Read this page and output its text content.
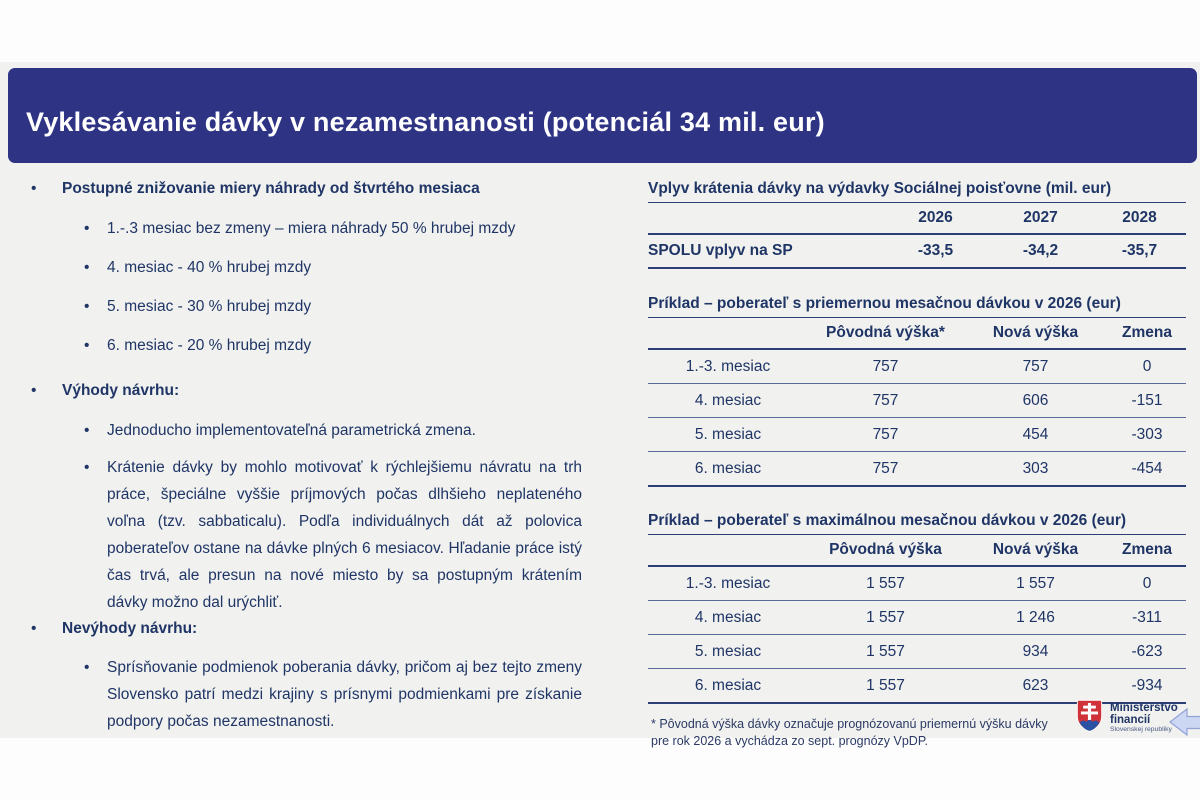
Vyklesávanie dávky v nezamestnanosti (potenciál 34 mil. eur)
• Postupné znižovanie miery náhrady od štvrtého mesiaca
• 1.-.3 mesiac bez zmeny – miera náhrady 50 % hrubej mzdy
• 4. mesiac - 40 % hrubej mzdy
• 5. mesiac - 30 % hrubej mzdy
• 6. mesiac - 20 % hrubej mzdy
• Výhody návrhu:
• Jednoducho implementovateľná parametrická zmena.
• Krátenie dávky by mohlo motivovať k rýchlejšiemu návratu na trh práce, špeciálne vyššie príjmových počas dlhšieho neplateného voľna (tzv. sabbaticalu). Podľa individuálnych dát až polovica poberateľov ostane na dávke plných 6 mesiacov. Hľadanie práce istý čas trvá, ale presun na nové miesto by sa postupným krátením dávky možno dal urýchliť.
• Nevýhody návrhu:
• Sprísňovanie podmienok poberania dávky, pričom aj bez tejto zmeny Slovensko patrí medzi krajiny s prísnymi podmienkami pre získanie podpory počas nezamestnanosti.
Vplyv krátenia dávky na výdavky Sociálnej poisťovne (mil. eur)			
	2026	2027	2028
SPOLU vplyv na SP	-33,5	-34,2	-35,7
Príklad – poberateľ s priemernou mesačnou dávkou v 2026 (eur)			
	Pôvodná výška*	Nová výška	Zmena
1.-3. mesiac	757	757	0
4. mesiac	757	606	-151
5. mesiac	757	454	-303
6. mesiac	757	303	-454
Príklad – poberateľ s maximálnou mesačnou dávkou v 2026 (eur)			
	Pôvodná výška	Nová výška	Zmena
1.-3. mesiac	1 557	1 557	0
4. mesiac	1 557	1 246	-311
5. mesiac	1 557	934	-623
6. mesiac	1 557	623	-934
* Pôvodná výška dávky označuje prognózovanú priemernú výšku dávky pre rok 2026 a vychádza zo sept. prognózy VpDP.
Ministerstvo financií
Slovenskej republiky
